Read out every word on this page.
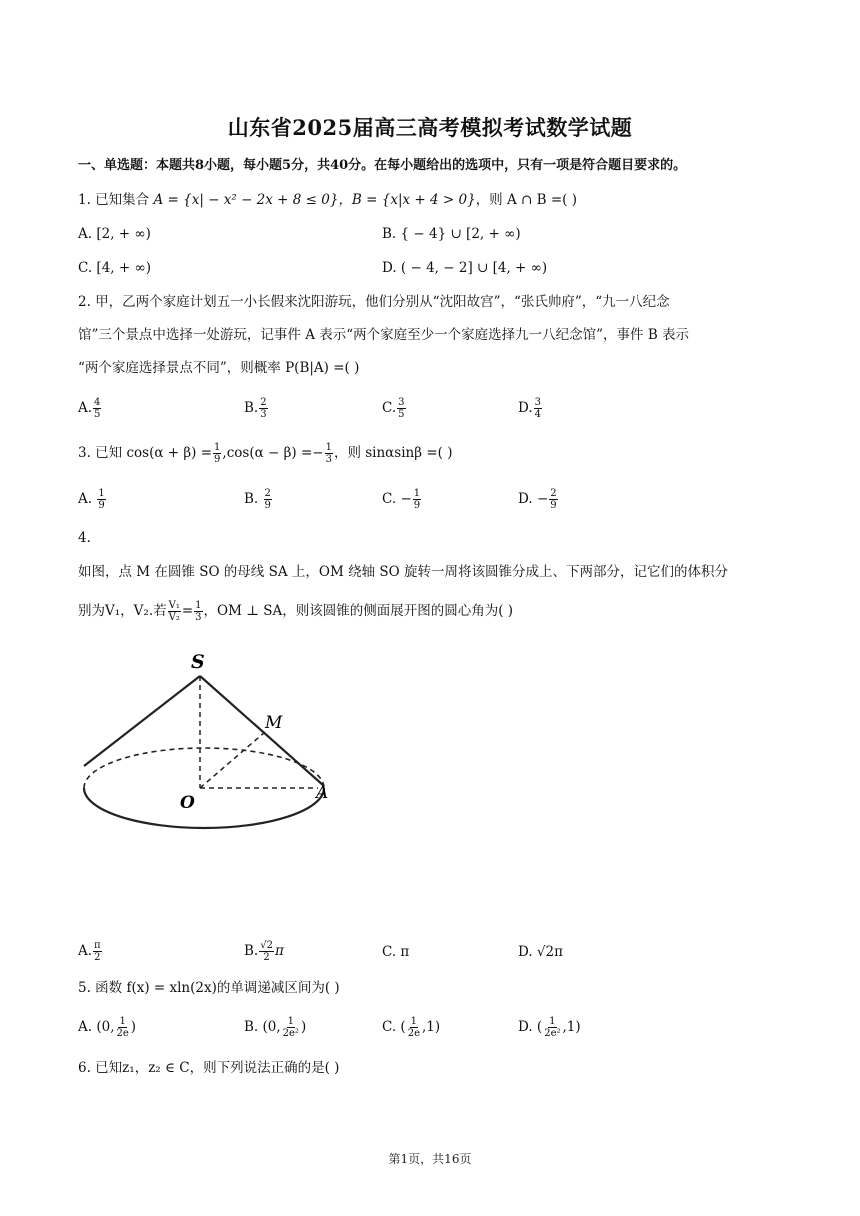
山东省2025届高三高考模拟考试数学试题
一、单选题：本题共8小题，每小题5分，共40分。在每小题给出的选项中，只有一项是符合题目要求的。
1. 已知集合 A = {x| − x² − 2x + 8 ≤ 0}，B = {x|x + 4 > 0}，则 A ∩ B =( )
A. [2, + ∞)	B. { − 4} ∪ [2, + ∞)
C. [4, + ∞)	D. ( − 4, − 2] ∪ [4, + ∞)
2. 甲，乙两个家庭计划五一小长假来沈阳游玩，他们分别从“沈阳故宫”，“张氏帅府”，“九一八纪念
馆”三个景点中选择一处游玩，记事件 A 表示“两个家庭至少一个家庭选择九一八纪念馆”，事件 B 表示
“两个家庭选择景点不同”，则概率 P(B|A) =( )
A. $\frac{4}{5}$	B. $\frac{2}{3}$	C. $\frac{3}{5}$	D. $\frac{3}{4}$
3. 已知 $\cos(\alpha + \beta) = \frac{1}{9} ,\cos(\alpha - \beta) =- \frac{1}{3}$ ，则 sinαsinβ =( )
A. $\frac{1}{9}$	B. $\frac{2}{9}$	C. − $\frac{1}{9}$	D. − $\frac{2}{9}$
4.
如图，点 M 在圆锥 SO 的母线 SA 上，OM 绕轴 SO 旋转一周将该圆锥分成上、下两部分，记它们的体积分
别为V₁，V₂.若 $\frac{\text{V₁}}{\text{V₂}} = \frac{1}{3}$ ，OM ⊥ SA，则该圆锥的侧面展开图的圆心角为( )
S
M
O	A
A. $\frac{\pi}{2}$	B. $\frac{√2}{2}$ π	C. π	D. √2π
5. 函数 f(x) = xln(2x)的单调递减区间为( )
A. (0, $\frac{1}{2e}$ )	B. (0, $\frac{1}{\text{2e²}}$ )	C. ( $\frac{1}{2e} ,1$)	D. ( $\frac{1}{\text{2e²}} ,1$)
6. 已知z₁，z₂ ∈ C，则下列说法正确的是( )
第1页，共16页
